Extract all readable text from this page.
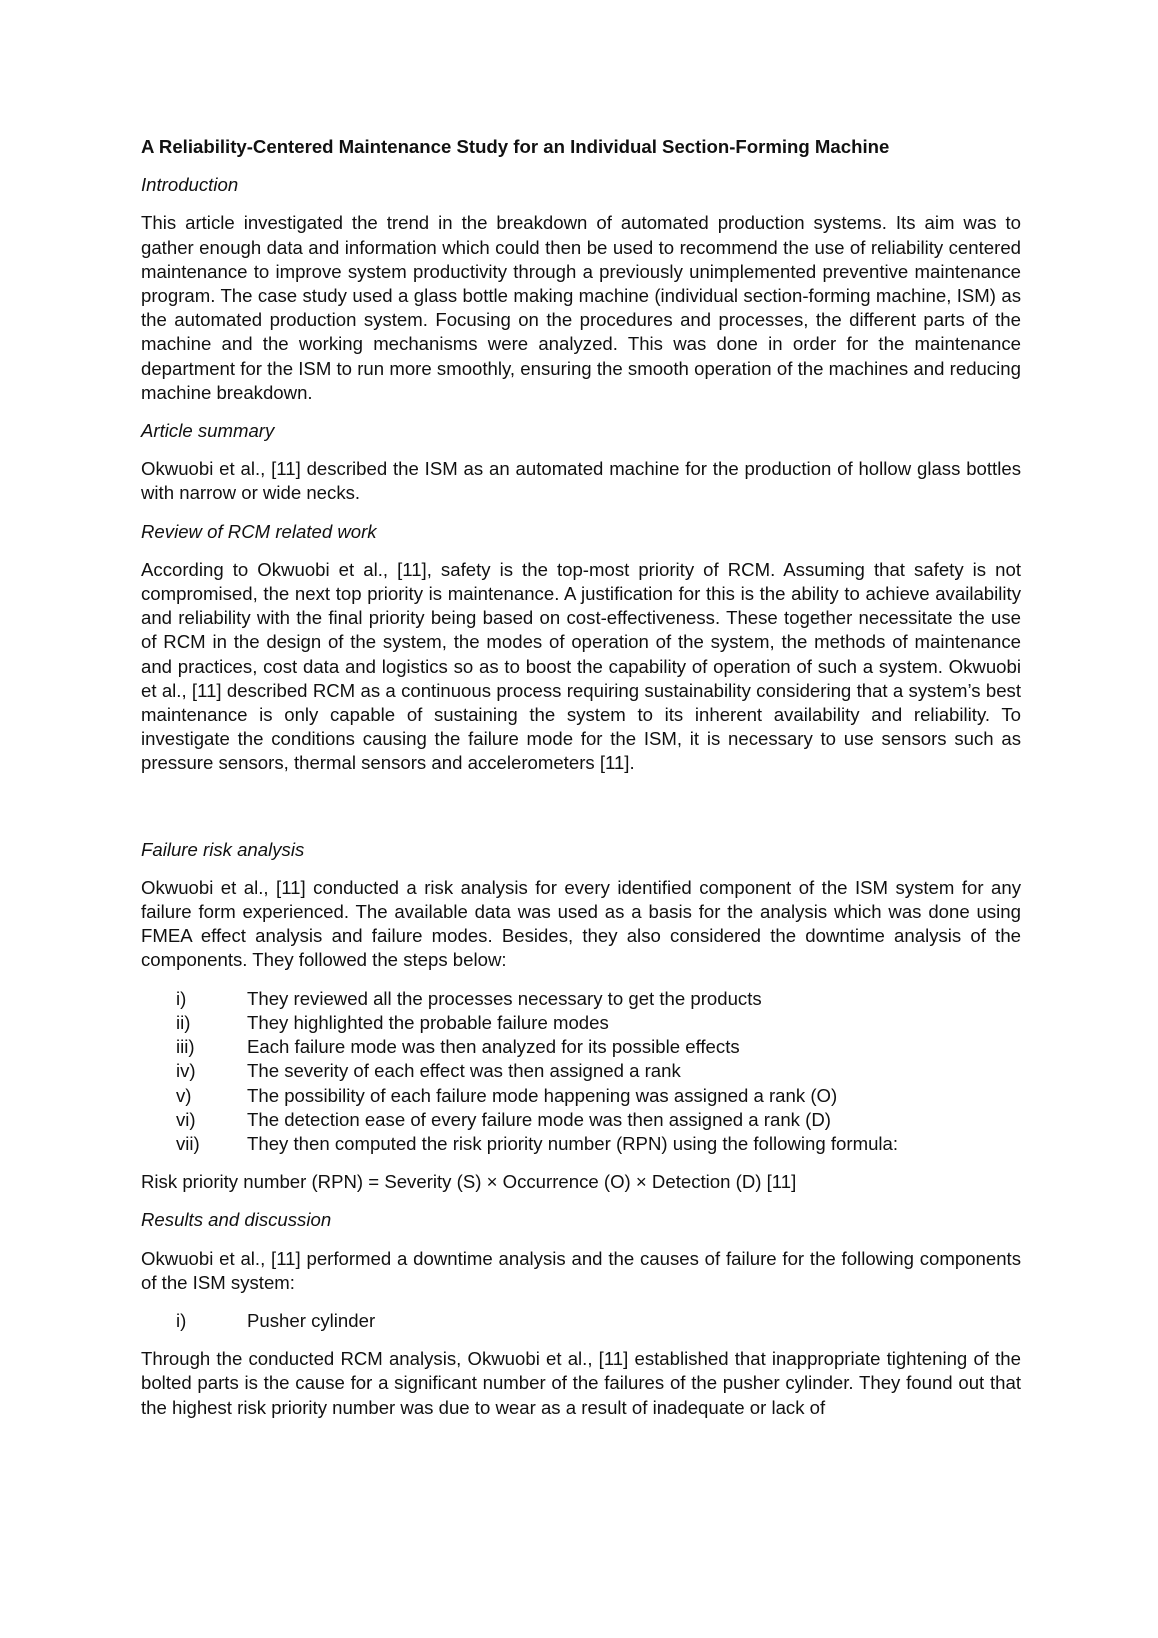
A Reliability-Centered Maintenance Study for an Individual Section-Forming Machine
Introduction
This article investigated the trend in the breakdown of automated production systems. Its aim was to gather enough data and information which could then be used to recommend the use of reliability centered maintenance to improve system productivity through a previously unimplemented preventive maintenance program. The case study used a glass bottle making machine (individual section-forming machine, ISM) as the automated production system. Focusing on the procedures and processes, the different parts of the machine and the working mechanisms were analyzed. This was done in order for the maintenance department for the ISM to run more smoothly, ensuring the smooth operation of the machines and reducing machine breakdown.
Article summary
Okwuobi et al., [11] described the ISM as an automated machine for the production of hollow glass bottles with narrow or wide necks.
Review of RCM related work
According to Okwuobi et al., [11], safety is the top-most priority of RCM. Assuming that safety is not compromised, the next top priority is maintenance. A justification for this is the ability to achieve availability and reliability with the final priority being based on cost-effectiveness. These together necessitate the use of RCM in the design of the system, the modes of operation of the system, the methods of maintenance and practices, cost data and logistics so as to boost the capability of operation of such a system. Okwuobi et al., [11] described RCM as a continuous process requiring sustainability considering that a system’s best maintenance is only capable of sustaining the system to its inherent availability and reliability. To investigate the conditions causing the failure mode for the ISM, it is necessary to use sensors such as pressure sensors, thermal sensors and accelerometers [11].
Failure risk analysis
Okwuobi et al., [11] conducted a risk analysis for every identified component of the ISM system for any failure form experienced. The available data was used as a basis for the analysis which was done using FMEA effect analysis and failure modes. Besides, they also considered the downtime analysis of the components. They followed the steps below:
i)	They reviewed all the processes necessary to get the products
ii)	They highlighted the probable failure modes
iii)	Each failure mode was then analyzed for its possible effects
iv)	The severity of each effect was then assigned a rank
v)	The possibility of each failure mode happening was assigned a rank (O)
vi)	The detection ease of every failure mode was then assigned a rank (D)
vii)	They then computed the risk priority number (RPN) using the following formula:
Risk priority number (RPN) = Severity (S) × Occurrence (O) × Detection (D) [11]
Results and discussion
Okwuobi et al., [11] performed a downtime analysis and the causes of failure for the following components of the ISM system:
i)	Pusher cylinder
Through the conducted RCM analysis, Okwuobi et al., [11] established that inappropriate tightening of the bolted parts is the cause for a significant number of the failures of the pusher cylinder. They found out that the highest risk priority number was due to wear as a result of inadequate or lack of
